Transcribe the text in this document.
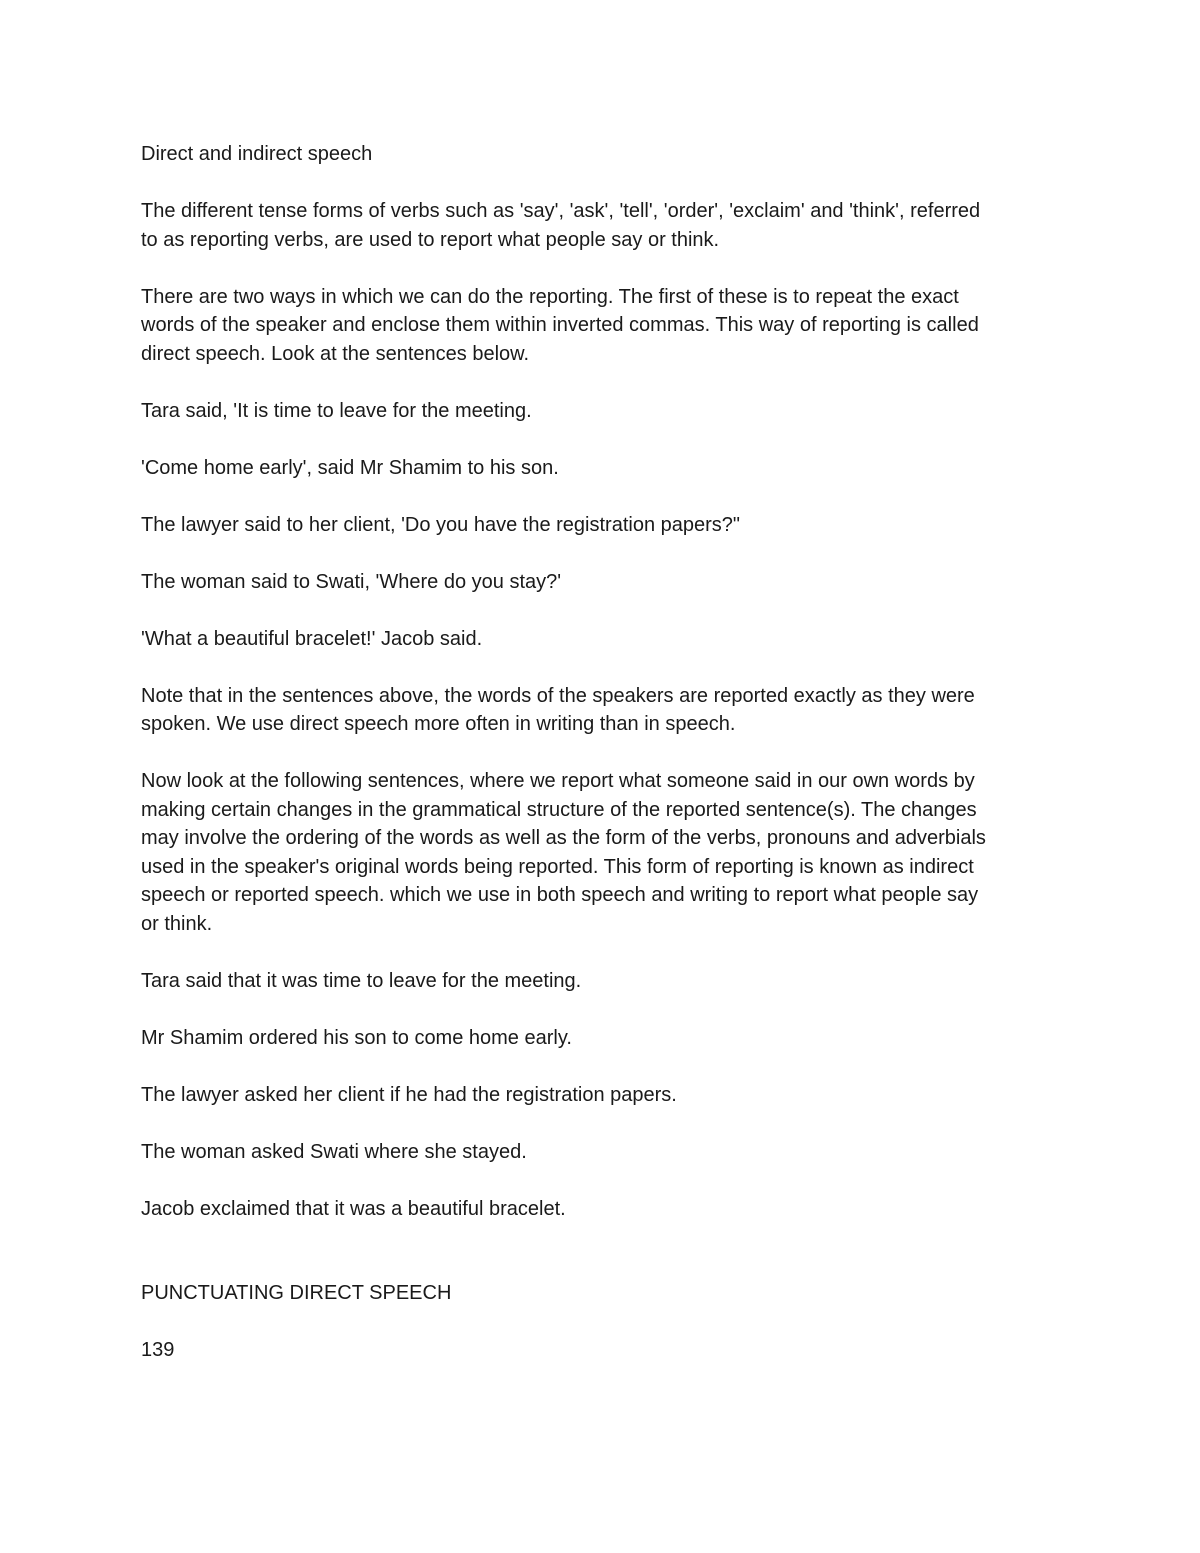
Direct and indirect speech

The different tense forms of verbs such as 'say', 'ask', 'tell', 'order', 'exclaim' and 'think', referred
to as reporting verbs, are used to report what people say or think.

There are two ways in which we can do the reporting. The first of these is to repeat the exact
words of the speaker and enclose them within inverted commas. This way of reporting is called
direct speech. Look at the sentences below.

Tara said, 'It is time to leave for the meeting.

'Come home early', said Mr Shamim to his son.

The lawyer said to her client, 'Do you have the registration papers?"

The woman said to Swati, 'Where do you stay?'

'What a beautiful bracelet!' Jacob said.

Note that in the sentences above, the words of the speakers are reported exactly as they were
spoken. We use direct speech more often in writing than in speech.

Now look at the following sentences, where we report what someone said in our own words by
making certain changes in the grammatical structure of the reported sentence(s). The changes
may involve the ordering of the words as well as the form of the verbs, pronouns and adverbials
used in the speaker's original words being reported. This form of reporting is known as indirect
speech or reported speech. which we use in both speech and writing to report what people say
or think.

Tara said that it was time to leave for the meeting.

Mr Shamim ordered his son to come home early.

The lawyer asked her client if he had the registration papers.

The woman asked Swati where she stayed.

Jacob exclaimed that it was a beautiful bracelet.

PUNCTUATING DIRECT SPEECH

139
